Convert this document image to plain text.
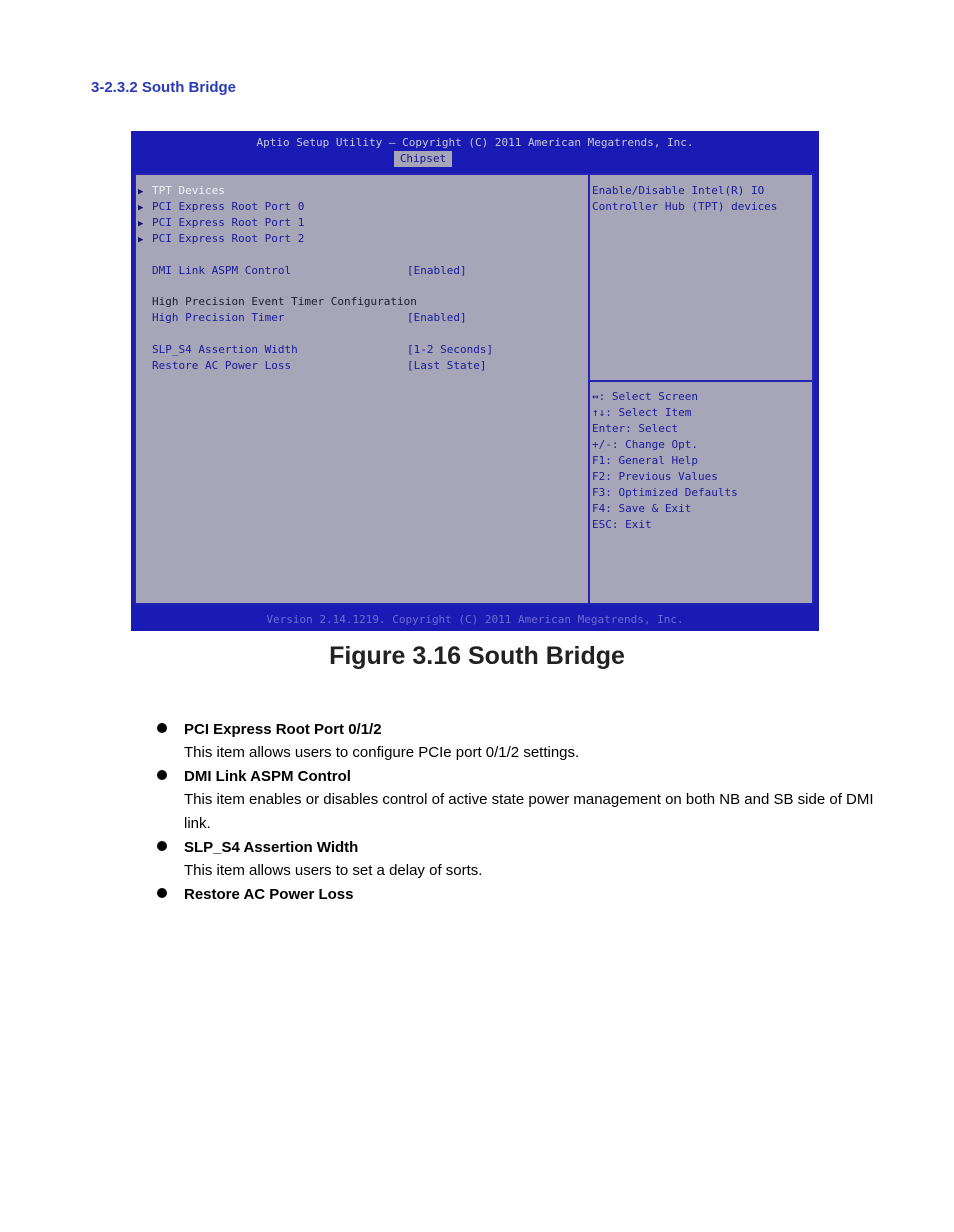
3-2.3.2 South Bridge
Aptio Setup Utility – Copyright (C) 2011 American Megatrends, Inc.
Chipset
▶ TPT Devices
▶ PCI Express Root Port 0
▶ PCI Express Root Port 1
▶ PCI Express Root Port 2
DMI Link ASPM Control	[Enabled]
High Precision Event Timer Configuration
High Precision Timer	[Enabled]
SLP_S4 Assertion Width	[1-2 Seconds]
Restore AC Power Loss	[Last State]
Enable/Disable Intel(R) IO Controller Hub (TPT) devices
↔: Select Screen
↑↓: Select Item
Enter: Select
+/-: Change Opt.
F1: General Help
F2: Previous Values
F3: Optimized Defaults
F4: Save & Exit
ESC: Exit
Version 2.14.1219. Copyright (C) 2011 American Megatrends, Inc.
Figure 3.16 South Bridge
PCI Express Root Port 0/1/2
This item allows users to configure PCIe port 0/1/2 settings.
DMI Link ASPM Control
This item enables or disables control of active state power management on both NB and SB side of DMI link.
SLP_S4 Assertion Width
This item allows users to set a delay of sorts.
Restore AC Power Loss
